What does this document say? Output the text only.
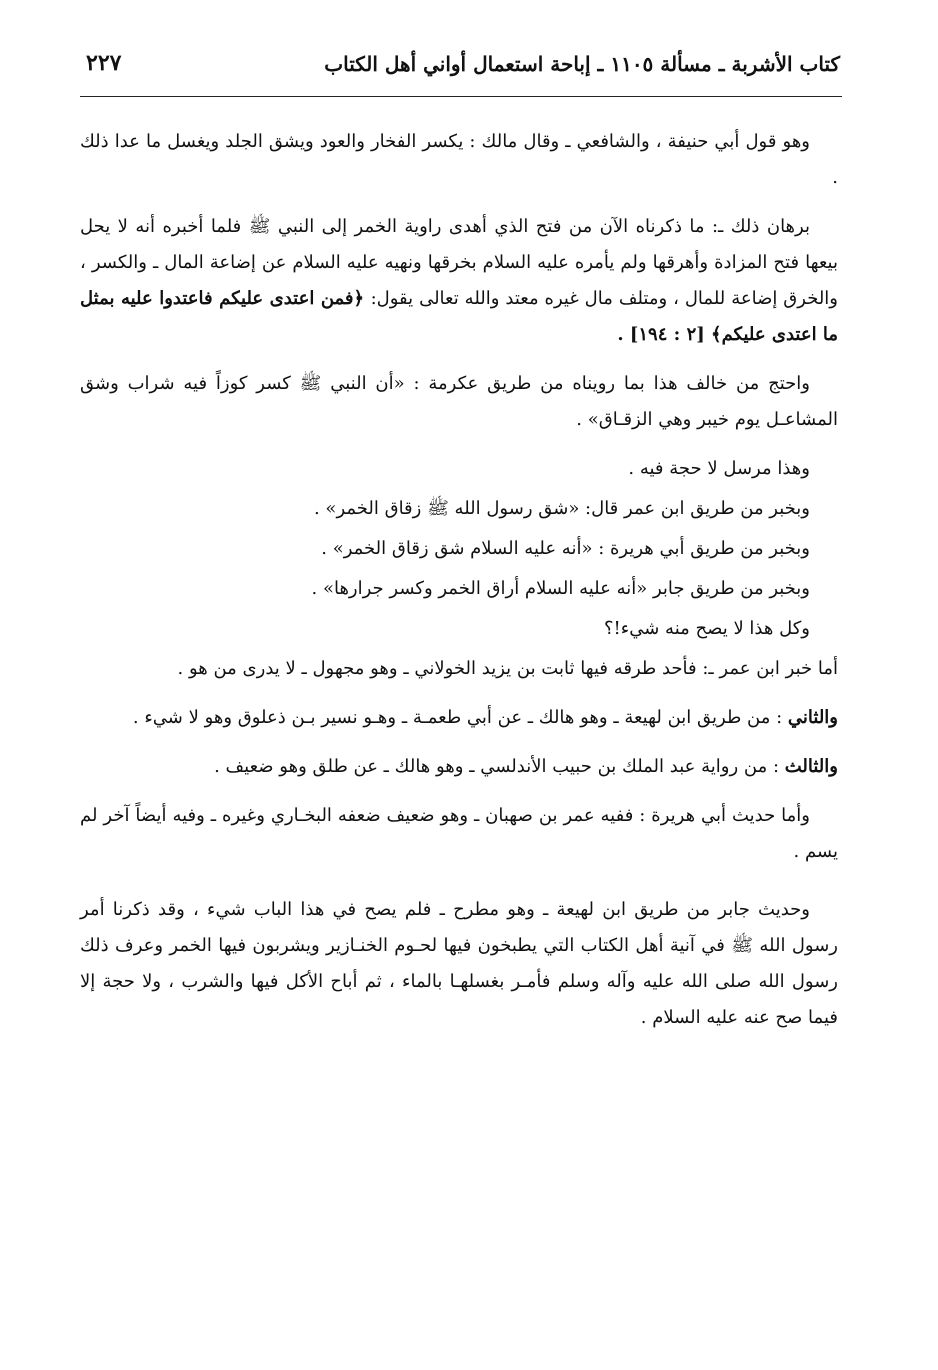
كتاب الأشربة ـ مسألة ١١٠٥ ـ إباحة استعمال أواني أهل الكتاب
٢٢٧

وهو قول أبي حنيفة ، والشافعي ـ وقال مالك : يكسر الفخار والعود ويشق الجلد ويغسل ما عدا ذلك .

برهان ذلك ـ: ما ذكرناه الآن من فتح الذي أهدى راوية الخمر إلى النبي ﷺ فلما أخبره أنه لا يحل بيعها فتح المزادة وأهرقها ولم يأمره عليه السلام بخرقها ونهيه عليه السلام عن إضاعة المال ـ والكسر ، والخرق إضاعة للمال ، ومتلف مال غيره معتد والله تعالى يقول: ﴿فمن اعتدى عليكم فاعتدوا عليه بمثل ما اعتدى عليكم﴾ [٢ : ١٩٤] .

واحتج من خالف هذا بما رويناه من طريق عكرمة : «أن النبي ﷺ كسر كوزاً فيه شراب وشق المشاعـل يوم خيبر وهي الزقـاق» .

وهذا مرسل لا حجة فيه .

وبخبر من طريق ابن عمر قال: «شق رسول الله ﷺ زقاق الخمر» .

وبخبر من طريق أبي هريرة : «أنه عليه السلام شق زقاق الخمر» .

وبخبر من طريق جابر «أنه عليه السلام أراق الخمر وكسر جرارها» .

وكل هذا لا يصح منه شيء!؟

أما خبر ابن عمر ـ: فأحد طرقه فيها ثابت بن يزيد الخولاني ـ وهو مجهول ـ لا يدرى من هو .

والثاني : من طريق ابن لهيعة ـ وهو هالك ـ عن أبي طعمـة ـ وهـو نسير بـن ذعلوق وهو لا شيء .

والثالث : من رواية عبد الملك بن حبيب الأندلسي ـ وهو هالك ـ عن طلق وهو ضعيف .

وأما حديث أبي هريرة : ففيه عمر بن صهبان ـ وهو ضعيف ضعفه البخـاري وغيره ـ وفيه أيضاً آخر لم يسم .

وحديث جابر من طريق ابن لهيعة ـ وهو مطرح ـ فلم يصح في هذا الباب شيء ، وقد ذكرنا أمر رسول الله ﷺ في آنية أهل الكتاب التي يطبخون فيها لحـوم الخنـازير ويشربون فيها الخمر وعرف ذلك رسول الله صلى الله عليه وآله وسلم فأمـر بغسلهـا بالماء ، ثم أباح الأكل فيها والشرب ، ولا حجة إلا فيما صح عنه عليه السلام .
